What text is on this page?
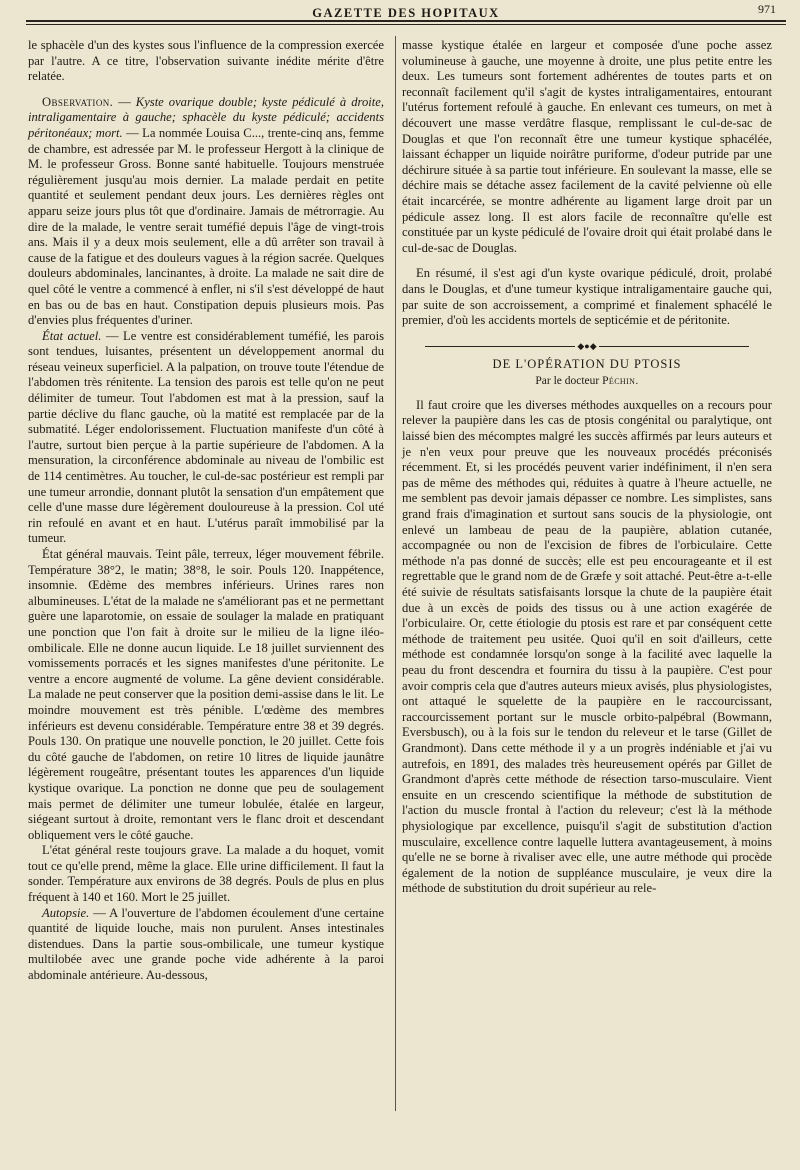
GAZETTE DES HOPITAUX	971

le sphacèle d'un des kystes sous l'influence de la compression exercée par l'autre. A ce titre, l'observation suivante inédite mérite d'être relatée.

Observation. — Kyste ovarique double; kyste pédiculé à droite, intraligamentaire à gauche; sphacèle du kyste pédiculé; accidents péritonéaux; mort. — La nommée Louisa C..., trente-cinq ans, femme de chambre, est adressée par M. le professeur Hergott à la clinique de M. le professeur Gross. Bonne santé habituelle. Toujours menstruée régulièrement jusqu'au mois dernier. La malade perdait en petite quantité et seulement pendant deux jours. Les dernières règles ont apparu seize jours plus tôt que d'ordinaire. Jamais de métrorragie. Au dire de la malade, le ventre serait tuméfié depuis l'âge de vingt-trois ans. Mais il y a deux mois seulement, elle a dû arrêter son travail à cause de la fatigue et des douleurs vagues à la région sacrée. Quelques douleurs abdominales, lancinantes, à droite. La malade ne sait dire de quel côté le ventre a commencé à enfler, ni s'il s'est développé de haut en bas ou de bas en haut. Constipation depuis plusieurs mois. Pas d'envies plus fréquentes d'uriner.

État actuel. — Le ventre est considérablement tuméfié, les parois sont tendues, luisantes, présentent un développement anormal du réseau veineux superficiel. A la palpation, on trouve toute l'étendue de l'abdomen très rénitente. La tension des parois est telle qu'on ne peut délimiter de tumeur. Tout l'abdomen est mat à la pression, sauf la partie déclive du flanc gauche, où la matité est remplacée par de la submatité. Léger endolorissement. Fluctuation manifeste d'un côté à l'autre, surtout bien perçue à la partie supérieure de l'abdomen. A la mensuration, la circonférence abdominale au niveau de l'ombilic est de 114 centimètres. Au toucher, le cul-de-sac postérieur est rempli par une tumeur arrondie, donnant plutôt la sensation d'un empâtement que celle d'une masse dure légèrement douloureuse à la pression. Col uté rin refoulé en avant et en haut. L'utérus paraît immobilisé par la tumeur.

État général mauvais. Teint pâle, terreux, léger mouvement fébrile. Température 38°2, le matin; 38°8, le soir. Pouls 120. Inappétence, insomnie. Œdème des membres inférieurs. Urines rares non albumineuses. L'état de la malade ne s'améliorant pas et ne permettant guère une laparotomie, on essaie de soulager la malade en pratiquant une ponction que l'on fait à droite sur le milieu de la ligne iléo-ombilicale. Elle ne donne aucun liquide. Le 18 juillet surviennent des vomissements porracés et les signes manifestes d'une péritonite. Le ventre a encore augmenté de volume. La gêne devient considérable. La malade ne peut conserver que la position demi-assise dans le lit. Le moindre mouvement est très pénible. L'œdème des membres inférieurs est devenu considérable. Température entre 38 et 39 degrés. Pouls 130. On pratique une nouvelle ponction, le 20 juillet. Cette fois du côté gauche de l'abdomen, on retire 10 litres de liquide jaunâtre légèrement rougeâtre, présentant toutes les apparences d'un liquide kystique ovarique. La ponction ne donne que peu de soulagement mais permet de délimiter une tumeur lobulée, étalée en largeur, siégeant surtout à droite, remontant vers le flanc droit et descendant obliquement vers le côté gauche.

L'état général reste toujours grave. La malade a du hoquet, vomit tout ce qu'elle prend, même la glace. Elle urine difficilement. Il faut la sonder. Température aux environs de 38 degrés. Pouls de plus en plus fréquent à 140 et 160. Mort le 25 juillet.

Autopsie. — A l'ouverture de l'abdomen écoulement d'une certaine quantité de liquide louche, mais non purulent. Anses intestinales distendues. Dans la partie sous-ombilicale, une tumeur kystique multilobée avec une grande poche vide adhérente à la paroi abdominale antérieure. Au-dessous,

masse kystique étalée en largeur et composée d'une poche assez volumineuse à gauche, une moyenne à droite, une plus petite entre les deux. Les tumeurs sont fortement adhérentes de toutes parts et on reconnaît facilement qu'il s'agit de kystes intraligamentaires, entourant l'utérus fortement refoulé à gauche. En enlevant ces tumeurs, on met à découvert une masse verdâtre flasque, remplissant le cul-de-sac de Douglas et que l'on reconnaît être une tumeur kystique sphacélée, laissant échapper un liquide noirâtre puriforme, d'odeur putride par une déchirure située à sa partie tout inférieure. En soulevant la masse, elle se déchire mais se détache assez facilement de la cavité pelvienne où elle était incarcérée, se montre adhérente au ligament large droit par un pédicule assez long. Il est alors facile de reconnaître qu'elle est constituée par un kyste pédiculé de l'ovaire droit qui était prolabé dans le cul-de-sac de Douglas.

En résumé, il s'est agi d'un kyste ovarique pédiculé, droit, prolabé dans le Douglas, et d'une tumeur kystique intraligamentaire gauche qui, par suite de son accroissement, a comprimé et finalement sphacélé le premier, d'où les accidents mortels de septicémie et de péritonite.

◆●◆
DE L'OPÉRATION DU PTOSIS
Par le docteur Péchin.

Il faut croire que les diverses méthodes auxquelles on a recours pour relever la paupière dans les cas de ptosis congénital ou paralytique, ont laissé bien des mécomptes malgré les succès affirmés par leurs auteurs et je n'en veux pour preuve que les nouveaux procédés préconisés récemment. Et, si les procédés peuvent varier indéfiniment, il n'en sera pas de même des méthodes qui, réduites à quatre à l'heure actuelle, ne me semblent pas devoir jamais dépasser ce nombre. Les simplistes, sans grand frais d'imagination et surtout sans soucis de la physiologie, ont enlevé un lambeau de peau de la paupière, ablation cutanée, accompagnée ou non de l'excision de fibres de l'orbiculaire. Cette méthode n'a pas donné de succès; elle est peu encourageante et il est regrettable que le grand nom de de Græfe y soit attaché. Peut-être a-t-elle été suivie de résultats satisfaisants lorsque la chute de la paupière était due à un excès de poids des tissus ou à une action exagérée de l'orbiculaire. Or, cette étiologie du ptosis est rare et par conséquent cette méthode de traitement peu usitée. Quoi qu'il en soit d'ailleurs, cette méthode est condamnée lorsqu'on songe à la facilité avec laquelle la peau du front descendra et fournira du tissu à la paupière. C'est pour avoir compris cela que d'autres auteurs mieux avisés, plus physiologistes, ont attaqué le squelette de la paupière en le raccourcissant, raccourcissement portant sur le muscle orbito-palpébral (Bowmann, Eversbusch), ou à la fois sur le tendon du releveur et le tarse (Gillet de Grandmont). Dans cette méthode il y a un progrès indéniable et j'ai vu autrefois, en 1891, des malades très heureusement opérés par Gillet de Grandmont d'après cette méthode de résection tarso-musculaire. Vient ensuite en un crescendo scientifique la méthode de substitution de l'action du muscle frontal à l'action du releveur; c'est là la méthode physiologique par excellence, puisqu'il s'agit de substitution d'action musculaire, excellence contre laquelle luttera avantageusement, à moins qu'elle ne se borne à rivaliser avec elle, une autre méthode qui procède également de la notion de suppléance musculaire, je veux dire la méthode de substitution du droit supérieur au rele-
